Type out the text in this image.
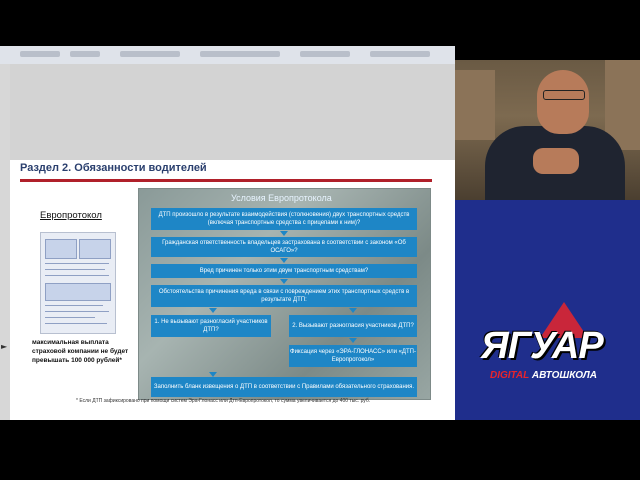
►
Раздел 2. Обязанности водителей
Европротокол
максимальная выплата
страховой компании не будет
превышать 100 000 рублей*
Условия Европротокола
ДТП произошло в результате взаимодействия (столкновения) двух транспортных средств (включая транспортные средства с прицепами к ним)?
Гражданская ответственность владельцев застрахована в соответствии с законом «Об ОСАГО»?
Вред причинен только этим двум транспортным средствам?
Обстоятельства причинения вреда в связи с повреждением этих транспортных средств в результате ДТП:
1. Не вызывают разногласий участников ДТП?
2. Вызывают разногласия участников ДТП?
Фиксация через «ЭРА-ГЛОНАСС» или «ДТП-Европротокол»
Заполнить бланк извещения о ДТП в соответствии с Правилами обязательного страхования.
* Если ДТП зафиксировано при помощи систем Эра-Глонасс или Дтп-Европротокол, то сумма увеличивается до 400 тыс. руб.
ЯГУАР
DIGITAL АВТОШКОЛА
